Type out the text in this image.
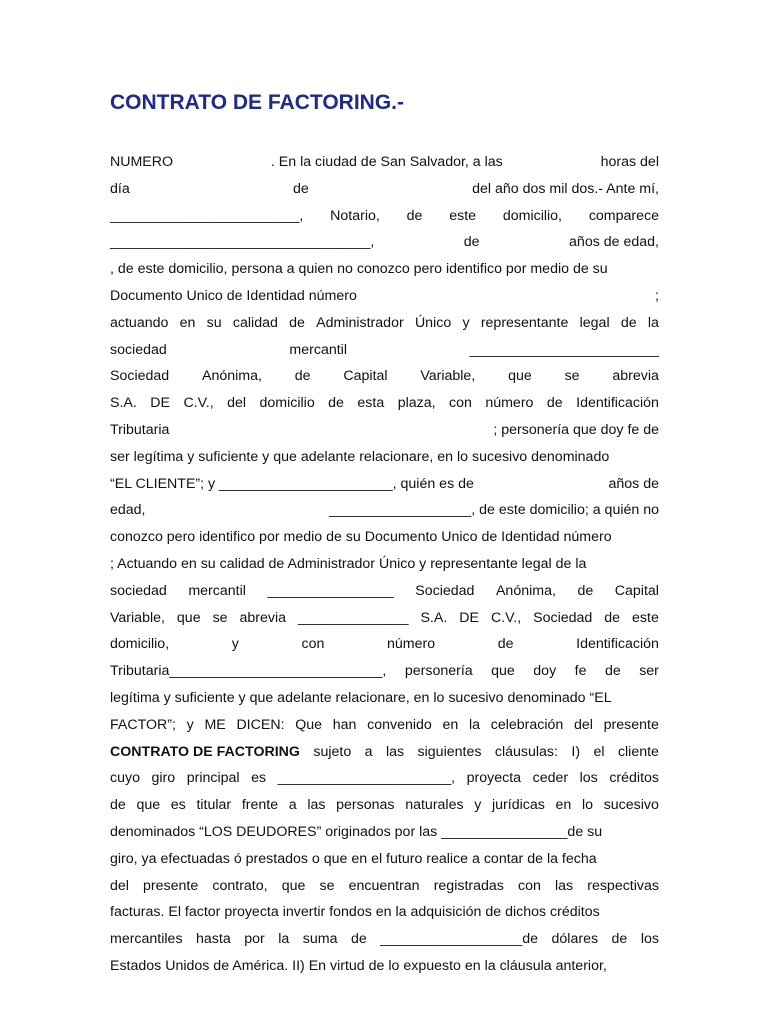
CONTRATO DE FACTORING.-
NUMERO	. En la ciudad de San Salvador, a las	horas del
día	de	del año dos mil dos.- Ante mí,
________________________, Notario, de este domicilio, comparece
_________________________________,	de	años de edad,
, de este domicilio, persona a quien no conozco pero identifico por medio de su
Documento Unico de Identidad número	;
actuando en su calidad de Administrador Único y representante legal de la
sociedad	mercantil	________________________
Sociedad Anónima, de Capital Variable, que se abrevia
S.A. DE C.V., del domicilio de esta plaza, con número de Identificación
Tributaria	; personería que doy fe de
ser legítima y suficiente y que adelante relacionare, en lo sucesivo denominado
“EL CLIENTE”; y ______________________, quién es de	años de
edad,	__________________, de este domicilio; a quién no
conozco pero identifico por medio de su Documento Unico de Identidad número
; Actuando en su calidad de Administrador Único y representante legal de la
sociedad mercantil ________________ Sociedad Anónima, de Capital
Variable, que se abrevia ______________ S.A. DE C.V., Sociedad de este
domicilio,	y	con	número	de	Identificación
Tributaria___________________________, personería que doy fe de ser
legítima y suficiente y que adelante relacionare, en lo sucesivo denominado “EL
FACTOR”; y ME DICEN: Que han convenido en la celebración del presente
CONTRATO DE FACTORING sujeto a las siguientes cláusulas: I) el cliente
cuyo giro principal es ______________________, proyecta ceder los créditos
de que es titular frente a las personas naturales y jurídicas en lo sucesivo
denominados “LOS DEUDORES” originados por las ________________de su
giro, ya efectuadas ó prestados o que en el futuro realice a contar de la fecha
del presente contrato, que se encuentran registradas con las respectivas
facturas. El factor proyecta invertir fondos en la adquisición de dichos créditos
mercantiles hasta por la suma de __________________de dólares de los
Estados Unidos de América. II) En virtud de lo expuesto en la cláusula anterior,
